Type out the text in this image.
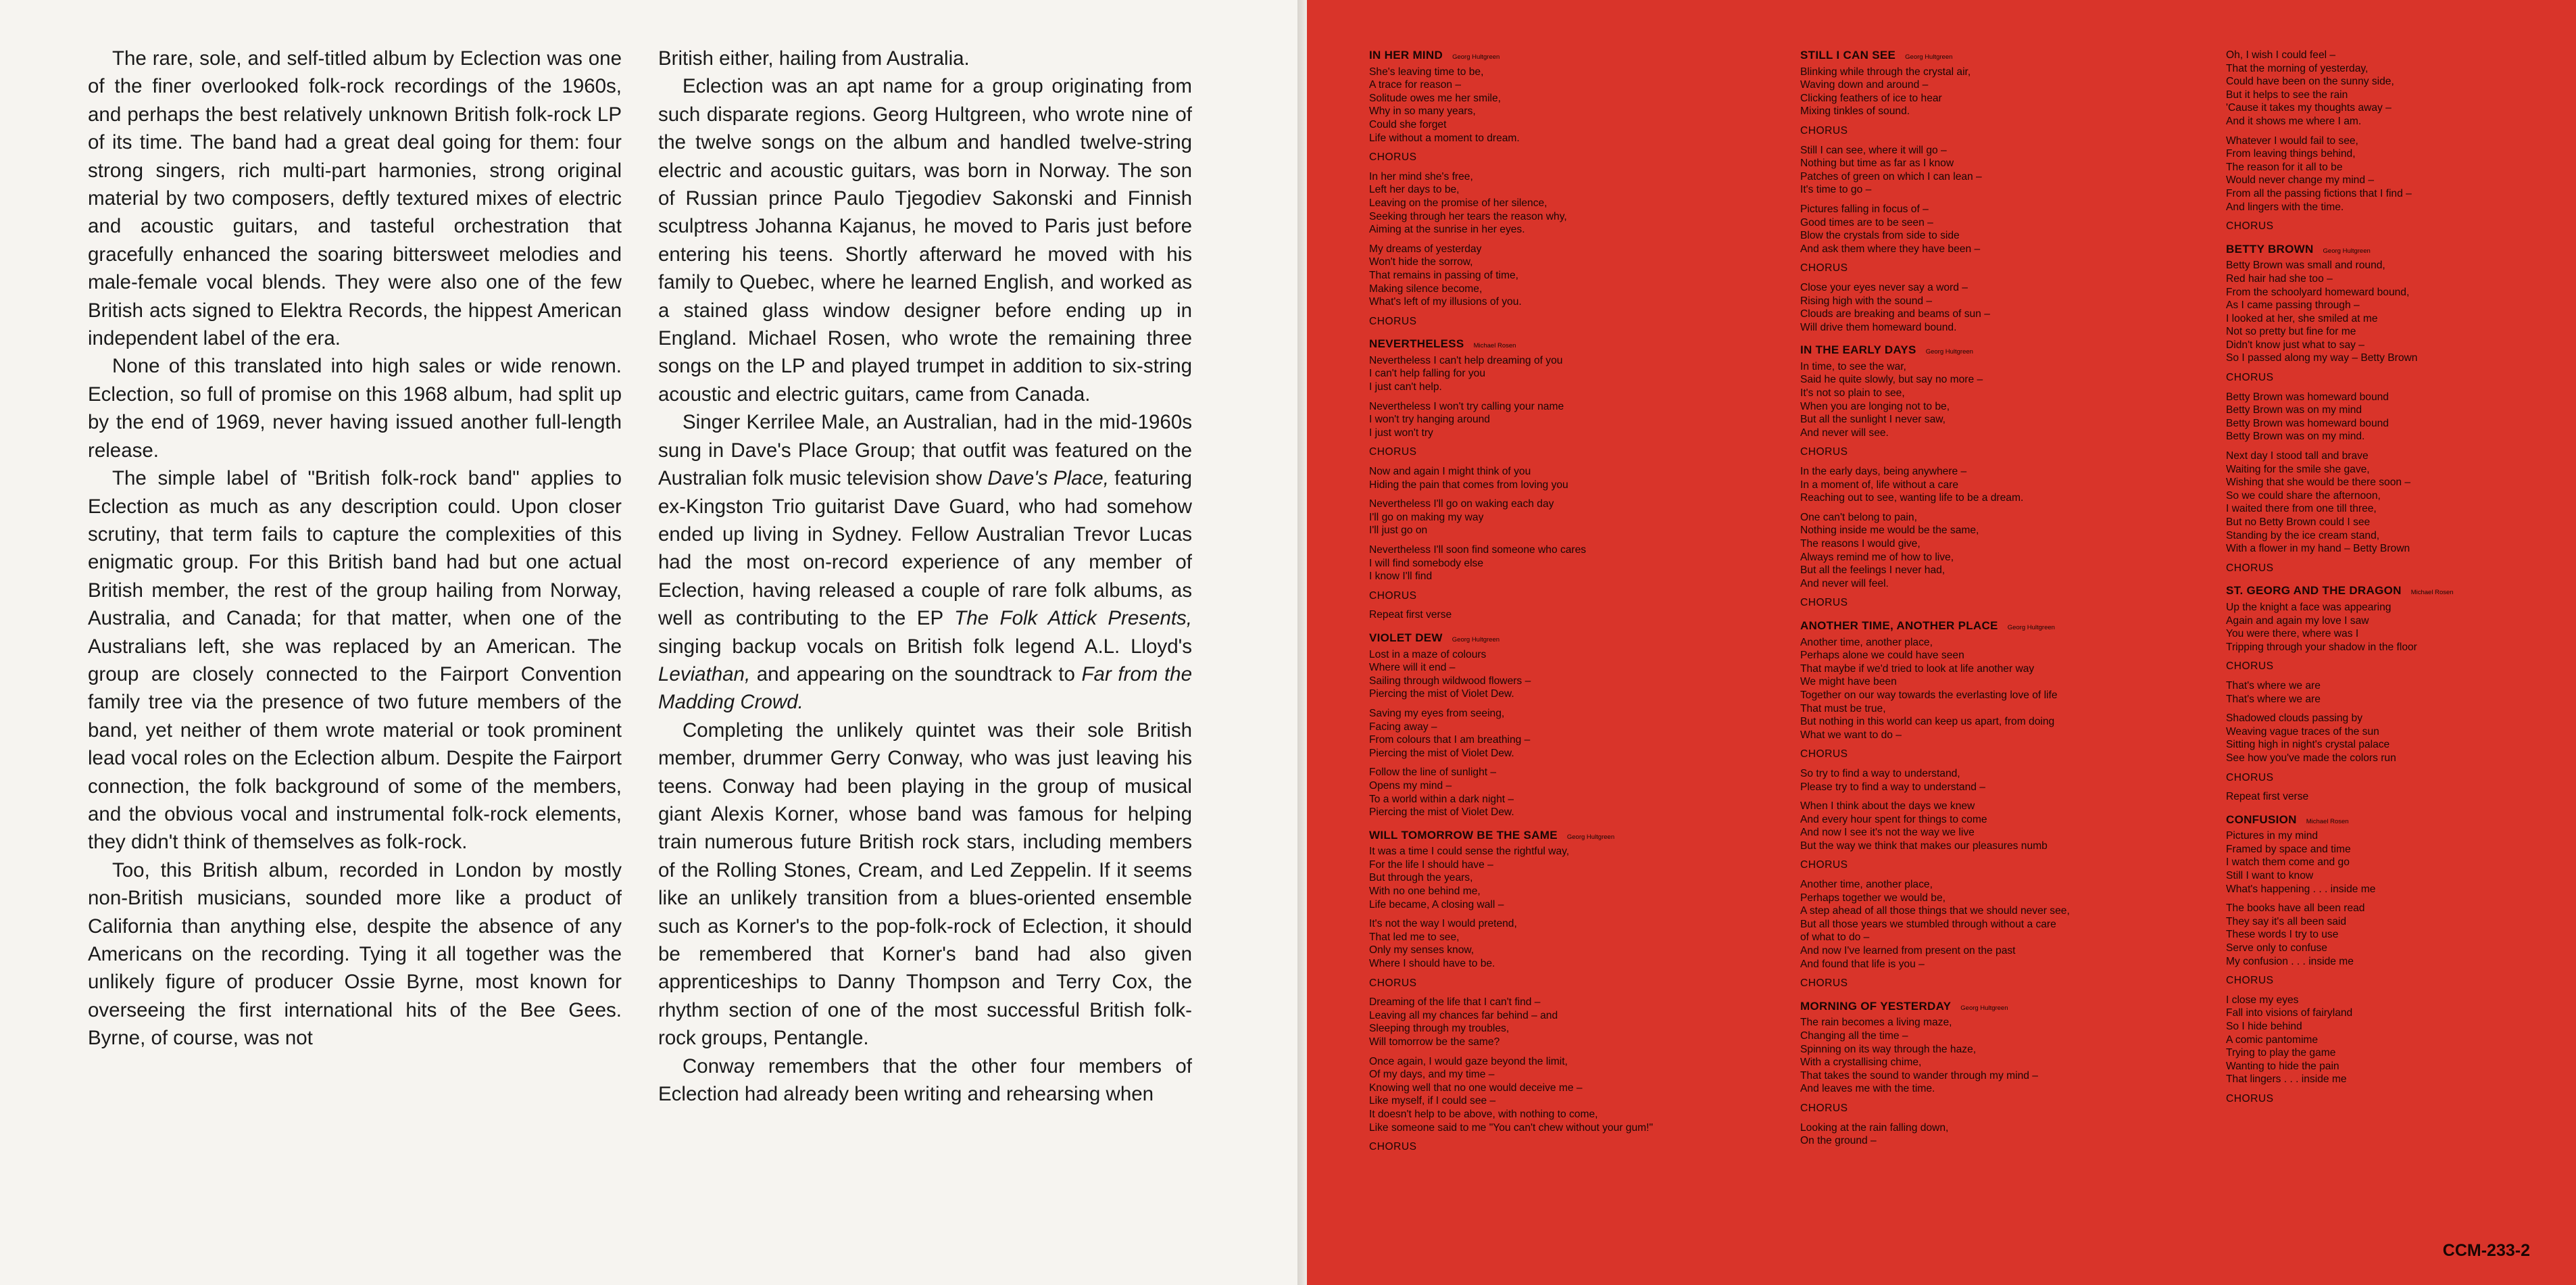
The rare, sole, and self-titled album by Eclection was one of the finer overlooked folk-rock recordings of the 1960s, and perhaps the best relatively unknown British folk-rock LP of its time. The band had a great deal going for them: four strong singers, rich multi-part harmonies, strong original material by two composers, deftly textured mixes of electric and acoustic guitars, and tasteful orchestration that gracefully enhanced the soaring bittersweet melodies and male-female vocal blends. They were also one of the few British acts signed to Elektra Records, the hippest American independent label of the era.

None of this translated into high sales or wide renown. Eclection, so full of promise on this 1968 album, had split up by the end of 1969, never having issued another full-length release.

The simple label of "British folk-rock band" applies to Eclection as much as any description could. Upon closer scrutiny, that term fails to capture the complexities of this enigmatic group. For this British band had but one actual British member, the rest of the group hailing from Norway, Australia, and Canada; for that matter, when one of the Australians left, she was replaced by an American. The group are closely connected to the Fairport Convention family tree via the presence of two future members of the band, yet neither of them wrote material or took prominent lead vocal roles on the Eclection album. Despite the Fairport connection, the folk background of some of the members, and the obvious vocal and instrumental folk-rock elements, they didn't think of themselves as folk-rock.

Too, this British album, recorded in London by mostly non-British musicians, sounded more like a product of California than anything else, despite the absence of any Americans on the recording. Tying it all together was the unlikely figure of producer Ossie Byrne, most known for overseeing the first international hits of the Bee Gees. Byrne, of course, was not

British either, hailing from Australia.

Eclection was an apt name for a group originating from such disparate regions. Georg Hultgreen, who wrote nine of the twelve songs on the album and handled twelve-string electric and acoustic guitars, was born in Norway. The son of Russian prince Paulo Tjegodiev Sakonski and Finnish sculptress Johanna Kajanus, he moved to Paris just before entering his teens. Shortly afterward he moved with his family to Quebec, where he learned English, and worked as a stained glass window designer before ending up in England. Michael Rosen, who wrote the remaining three songs on the LP and played trumpet in addition to six-string acoustic and electric guitars, came from Canada.

Singer Kerrilee Male, an Australian, had in the mid-1960s sung in Dave's Place Group; that outfit was featured on the Australian folk music television show Dave's Place, featuring ex-Kingston Trio guitarist Dave Guard, who had somehow ended up living in Sydney. Fellow Australian Trevor Lucas had the most on-record experience of any member of Eclection, having released a couple of rare folk albums, as well as contributing to the EP The Folk Attick Presents, singing backup vocals on British folk legend A.L. Lloyd's Leviathan, and appearing on the soundtrack to Far from the Madding Crowd.

Completing the unlikely quintet was their sole British member, drummer Gerry Conway, who was just leaving his teens. Conway had been playing in the group of musical giant Alexis Korner, whose band was famous for helping train numerous future British rock stars, including members of the Rolling Stones, Cream, and Led Zeppelin. If it seems like an unlikely transition from a blues-oriented ensemble such as Korner's to the pop-folk-rock of Eclection, it should be remembered that Korner's band had also given apprenticeships to Danny Thompson and Terry Cox, the rhythm section of one of the most successful British folk-rock groups, Pentangle.

Conway remembers that the other four members of Eclection had already been writing and rehearsing when

IN HER MIND Georg Hultgreen
She's leaving time to be,
A trace for reason –
Solitude owes me her smile,
Why in so many years,
Could she forget
Life without a moment to dream.
CHORUS
In her mind she's free,
Left her days to be,
Leaving on the promise of her silence,
Seeking through her tears the reason why,
Aiming at the sunrise in her eyes.
My dreams of yesterday
Won't hide the sorrow,
That remains in passing of time,
Making silence become,
What's left of my illusions of you.
CHORUS
NEVERTHELESS Michael Rosen
Nevertheless I can't help dreaming of you
I can't help falling for you
I just can't help.
Nevertheless I won't try calling your name
I won't try hanging around
I just won't try
CHORUS
Now and again I might think of you
Hiding the pain that comes from loving you
Nevertheless I'll go on waking each day
I'll go on making my way
I'll just go on
Nevertheless I'll soon find someone who cares
I will find somebody else
I know I'll find
CHORUS
Repeat first verse
VIOLET DEW Georg Hultgreen
Lost in a maze of colours
Where will it end –
Sailing through wildwood flowers –
Piercing the mist of Violet Dew.
Saving my eyes from seeing,
Facing away –
From colours that I am breathing –
Piercing the mist of Violet Dew.
Follow the line of sunlight –
Opens my mind –
To a world within a dark night –
Piercing the mist of Violet Dew.
WILL TOMORROW BE THE SAME Georg Hultgreen
It was a time I could sense the rightful way,
For the life I should have –
But through the years,
With no one behind me,
Life became, A closing wall –
It's not the way I would pretend,
That led me to see,
Only my senses know,
Where I should have to be.
CHORUS
Dreaming of the life that I can't find –
Leaving all my chances far behind – and
Sleeping through my troubles,
Will tomorrow be the same?
Once again, I would gaze beyond the limit,
Of my days, and my time –
Knowing well that no one would deceive me –
Like myself, if I could see –
It doesn't help to be above, with nothing to come,
Like someone said to me "You can't chew without your gum!"
CHORUS
STILL I CAN SEE Georg Hultgreen
Blinking while through the crystal air,
Waving down and around –
Clicking feathers of ice to hear
Mixing tinkles of sound.
CHORUS
Still I can see, where it will go –
Nothing but time as far as I know
Patches of green on which I can lean –
It's time to go –
Pictures falling in focus of –
Good times are to be seen –
Blow the crystals from side to side
And ask them where they have been –
CHORUS
Close your eyes never say a word –
Rising high with the sound –
Clouds are breaking and beams of sun –
Will drive them homeward bound.
IN THE EARLY DAYS Georg Hultgreen
In time, to see the war,
Said he quite slowly, but say no more –
It's not so plain to see,
When you are longing not to be,
But all the sunlight I never saw,
And never will see.
CHORUS
In the early days, being anywhere –
In a moment of, life without a care
Reaching out to see, wanting life to be a dream.
One can't belong to pain,
Nothing inside me would be the same,
The reasons I would give,
Always remind me of how to live,
But all the feelings I never had,
And never will feel.
CHORUS
ANOTHER TIME, ANOTHER PLACE Georg Hultgreen
Another time, another place,
Perhaps alone we could have seen
That maybe if we'd tried to look at life another way
We might have been
Together on our way towards the everlasting love of life
That must be true,
But nothing in this world can keep us apart, from doing
What we want to do –
CHORUS
So try to find a way to understand,
Please try to find a way to understand –
When I think about the days we knew
And every hour spent for things to come
And now I see it's not the way we live
But the way we think that makes our pleasures numb
CHORUS
Another time, another place,
Perhaps together we would be,
A step ahead of all those things that we should never see,
But all those years we stumbled through without a care
of what to do –
And now I've learned from present on the past
And found that life is you –
CHORUS
MORNING OF YESTERDAY Georg Hultgreen
The rain becomes a living maze,
Changing all the time –
Spinning on its way through the haze,
With a crystallising chime,
That takes the sound to wander through my mind –
And leaves me with the time.
CHORUS
Looking at the rain falling down,
On the ground –
Oh, I wish I could feel –
That the morning of yesterday,
Could have been on the sunny side,
But it helps to see the rain
'Cause it takes my thoughts away –
And it shows me where I am.
Whatever I would fail to see,
From leaving things behind,
The reason for it all to be
Would never change my mind –
From all the passing fictions that I find –
And lingers with the time.
CHORUS
BETTY BROWN Georg Hultgreen
Betty Brown was small and round,
Red hair had she too –
From the schoolyard homeward bound,
As I came passing through –
I looked at her, she smiled at me
Not so pretty but fine for me
Didn't know just what to say –
So I passed along my way – Betty Brown
CHORUS
Betty Brown was homeward bound
Betty Brown was on my mind
Betty Brown was homeward bound
Betty Brown was on my mind.
Next day I stood tall and brave
Waiting for the smile she gave,
Wishing that she would be there soon –
So we could share the afternoon,
I waited there from one till three,
But no Betty Brown could I see
Standing by the ice cream stand,
With a flower in my hand – Betty Brown
CHORUS
ST. GEORG AND THE DRAGON Michael Rosen
Up the knight a face was appearing
Again and again my love I saw
You were there, where was I
Tripping through your shadow in the floor
CHORUS
That's where we are
That's where we are
Shadowed clouds passing by
Weaving vague traces of the sun
Sitting high in night's crystal palace
See how you've made the colors run
CHORUS
Repeat first verse
CONFUSION Michael Rosen
Pictures in my mind
Framed by space and time
I watch them come and go
Still I want to know
What's happening . . . inside me
The books have all been read
They say it's all been said
These words I try to use
Serve only to confuse
My confusion . . . inside me
CHORUS
I close my eyes
Fall into visions of fairyland
So I hide behind
A comic pantomime
Trying to play the game
Wanting to hide the pain
That lingers . . . inside me
CHORUS
CCM-233-2
